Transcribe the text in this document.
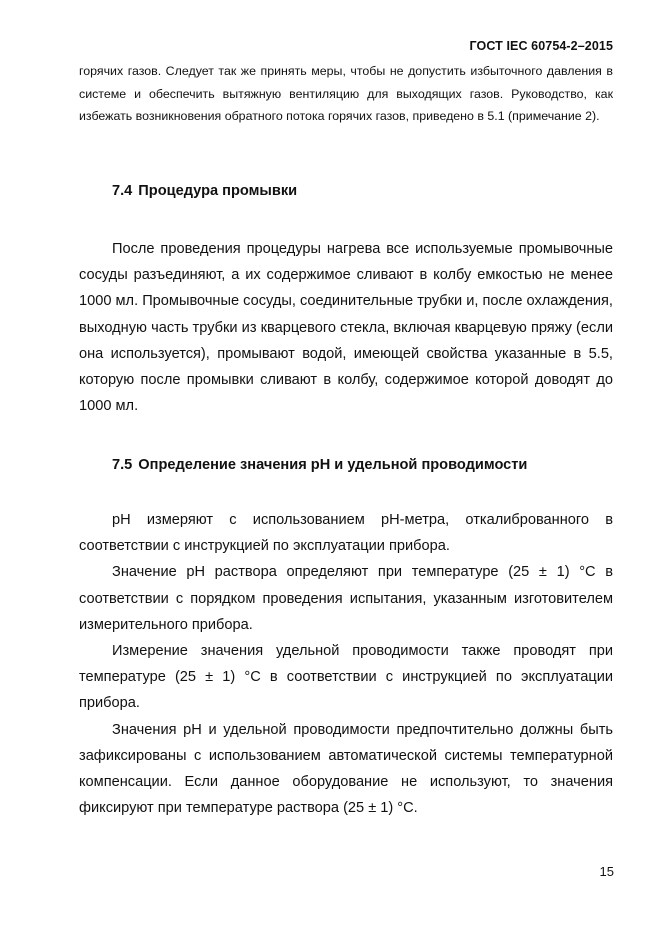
ГОСТ IEC 60754-2–2015
горячих газов. Следует так же принять меры, чтобы не допустить избыточного давления в системе и обеспечить вытяжную вентиляцию для выходящих газов. Руководство, как избежать возникновения обратного потока горячих газов, приведено в 5.1 (примечание 2).
7.4 Процедура промывки

После проведения процедуры нагрева все используемые промывочные сосуды разъединяют, а их содержимое сливают в колбу емкостью не менее 1000 мл. Промывочные сосуды, соединительные трубки и, после охлаждения, выходную часть трубки из кварцевого стекла, включая кварцевую пряжу (если она используется), промывают водой, имеющей свойства указанные в 5.5, которую после промывки сливают в колбу, содержимое которой доводят до 1000 мл.

7.5 Определение значения рН и удельной проводимости

рН измеряют с использованием рН-метра, откалиброванного в соответствии с инструкцией по эксплуатации прибора.

Значение рН раствора определяют при температуре (25 ± 1) °С в соответствии с порядком проведения испытания, указанным изготовителем измерительного прибора.

Измерение значения удельной проводимости также проводят при температуре (25 ± 1) °С в соответствии с инструкцией по эксплуатации прибора.

Значения рН и удельной проводимости предпочтительно должны быть зафиксированы с использованием автоматической системы температурной компенсации. Если данное оборудование не используют, то значения фиксируют при температуре раствора (25 ± 1) °С.

15
